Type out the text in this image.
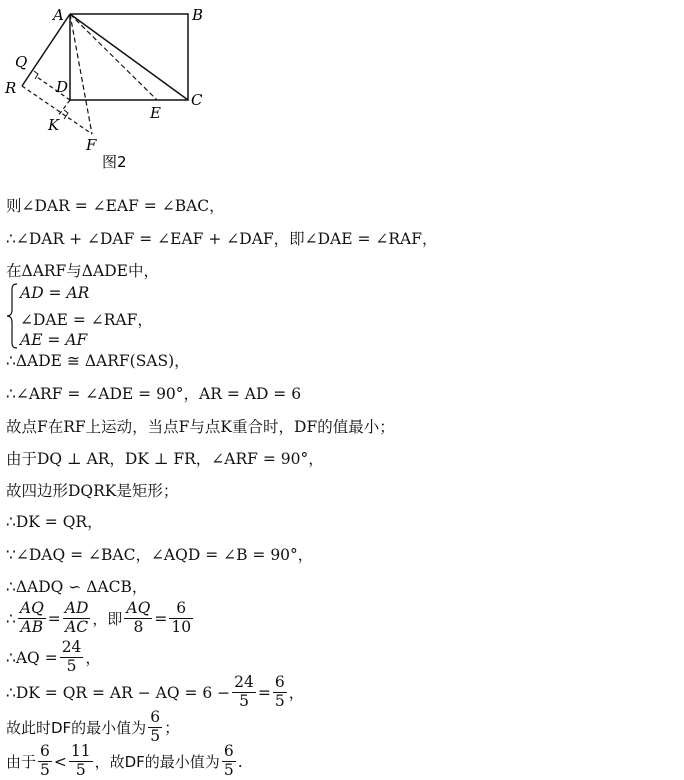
A	B
C
D
E
F
Q
R
K
图2
则∠DAR = ∠EAF = ∠BAC，
∴∠DAR + ∠DAF = ∠EAF + ∠DAF，即∠DAE = ∠RAF，
在ΔARF与ΔADE中，
AD = AR
∠DAE = ∠RAF，
AE = AF
∴ΔADE ≅ ΔARF(SAS)，
∴∠ARF = ∠ADE = 90°，AR = AD = 6
故点F在RF上运动，当点F与点K重合时，DF的值最小；
由于DQ ⊥ AR，DK ⊥ FR，∠ARF = 90°，
故四边形DQRK是矩形；
∴DK = QR，
∵∠DAQ = ∠BAC，∠AQD = ∠B = 90°，
∴ΔADQ ∽ ΔACB，
∴ $\frac{AQ}{AB} = \frac{AD}{AC}$ ，即 $\frac{AQ}{8} = \frac{6}{10}$
∴AQ = $\frac{24}{5}$ ，
∴DK = QR = AR − AQ = $6 - \frac{24}{5} = \frac{6}{5}$ ，
故此时DF的最小值为 $\frac{6}{5}$ ；
由于 $\frac{6}{5} < \frac{11}{5}$ ，故DF的最小值为 $\frac{6}{5}$ .
